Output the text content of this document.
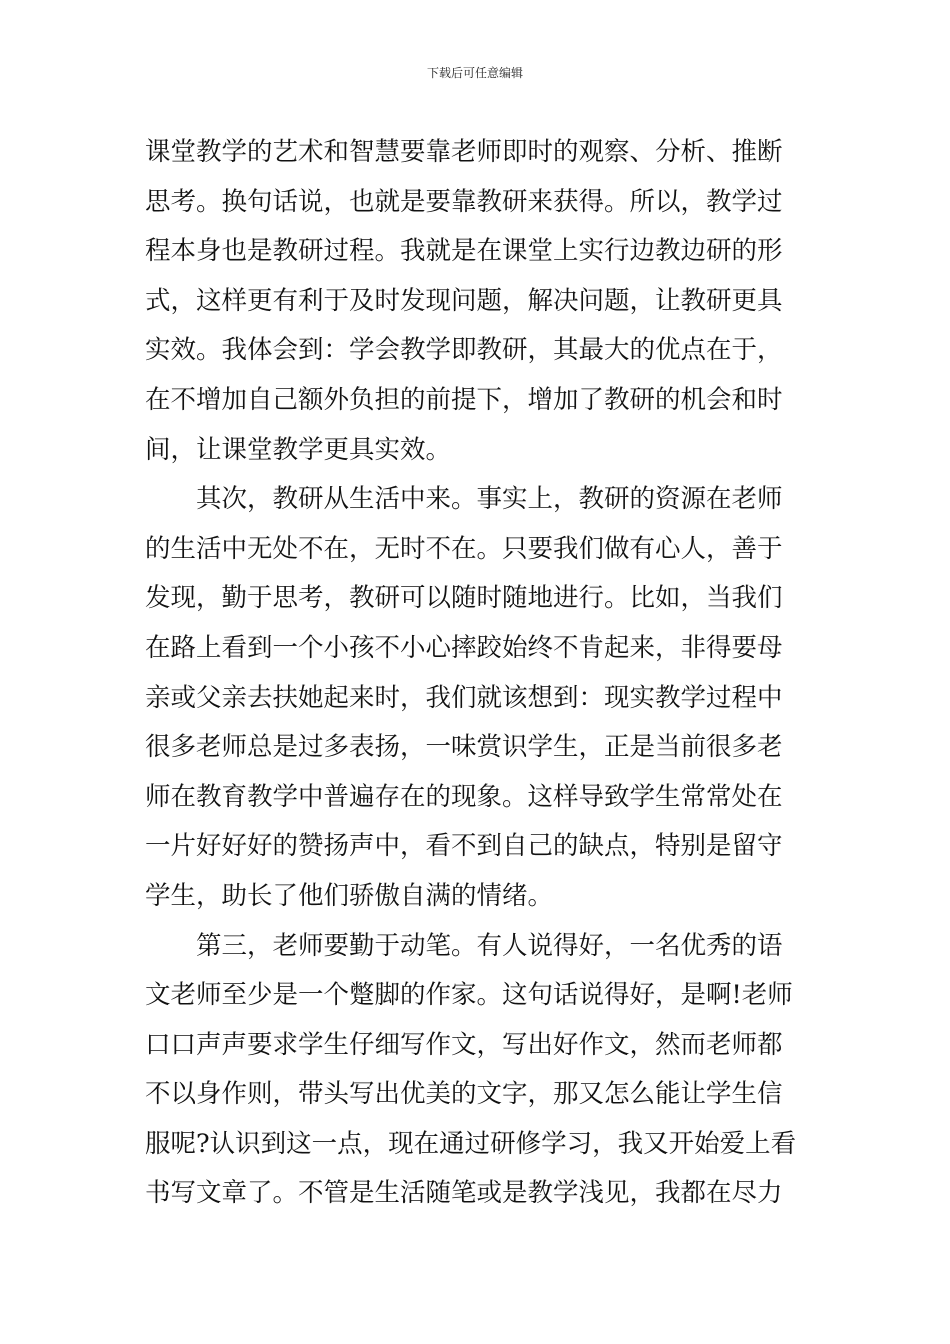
下载后可任意编辑
课堂教学的艺术和智慧要靠老师即时的观察、分析、推断
思考。换句话说，也就是要靠教研来获得。所以，教学过
程本身也是教研过程。我就是在课堂上实行边教边研的形
式，这样更有利于及时发现问题，解决问题，让教研更具
实效。我体会到：学会教学即教研，其最大的优点在于，
在不增加自己额外负担的前提下，增加了教研的机会和时
间，让课堂教学更具实效。
　　其次，教研从生活中来。事实上，教研的资源在老师
的生活中无处不在，无时不在。只要我们做有心人，善于
发现，勤于思考，教研可以随时随地进行。比如，当我们
在路上看到一个小孩不小心摔跤始终不肯起来，非得要母
亲或父亲去扶她起来时，我们就该想到：现实教学过程中
很多老师总是过多表扬，一味赏识学生，正是当前很多老
师在教育教学中普遍存在的现象。这样导致学生常常处在
一片好好好的赞扬声中，看不到自己的缺点，特别是留守
学生，助长了他们骄傲自满的情绪。
　　第三，老师要勤于动笔。有人说得好，一名优秀的语
文老师至少是一个蹩脚的作家。这句话说得好，是啊!老师
口口声声要求学生仔细写作文，写出好作文，然而老师都
不以身作则，带头写出优美的文字，那又怎么能让学生信
服呢?认识到这一点，现在通过研修学习，我又开始爱上看
书写文章了。不管是生活随笔或是教学浅见，我都在尽力
